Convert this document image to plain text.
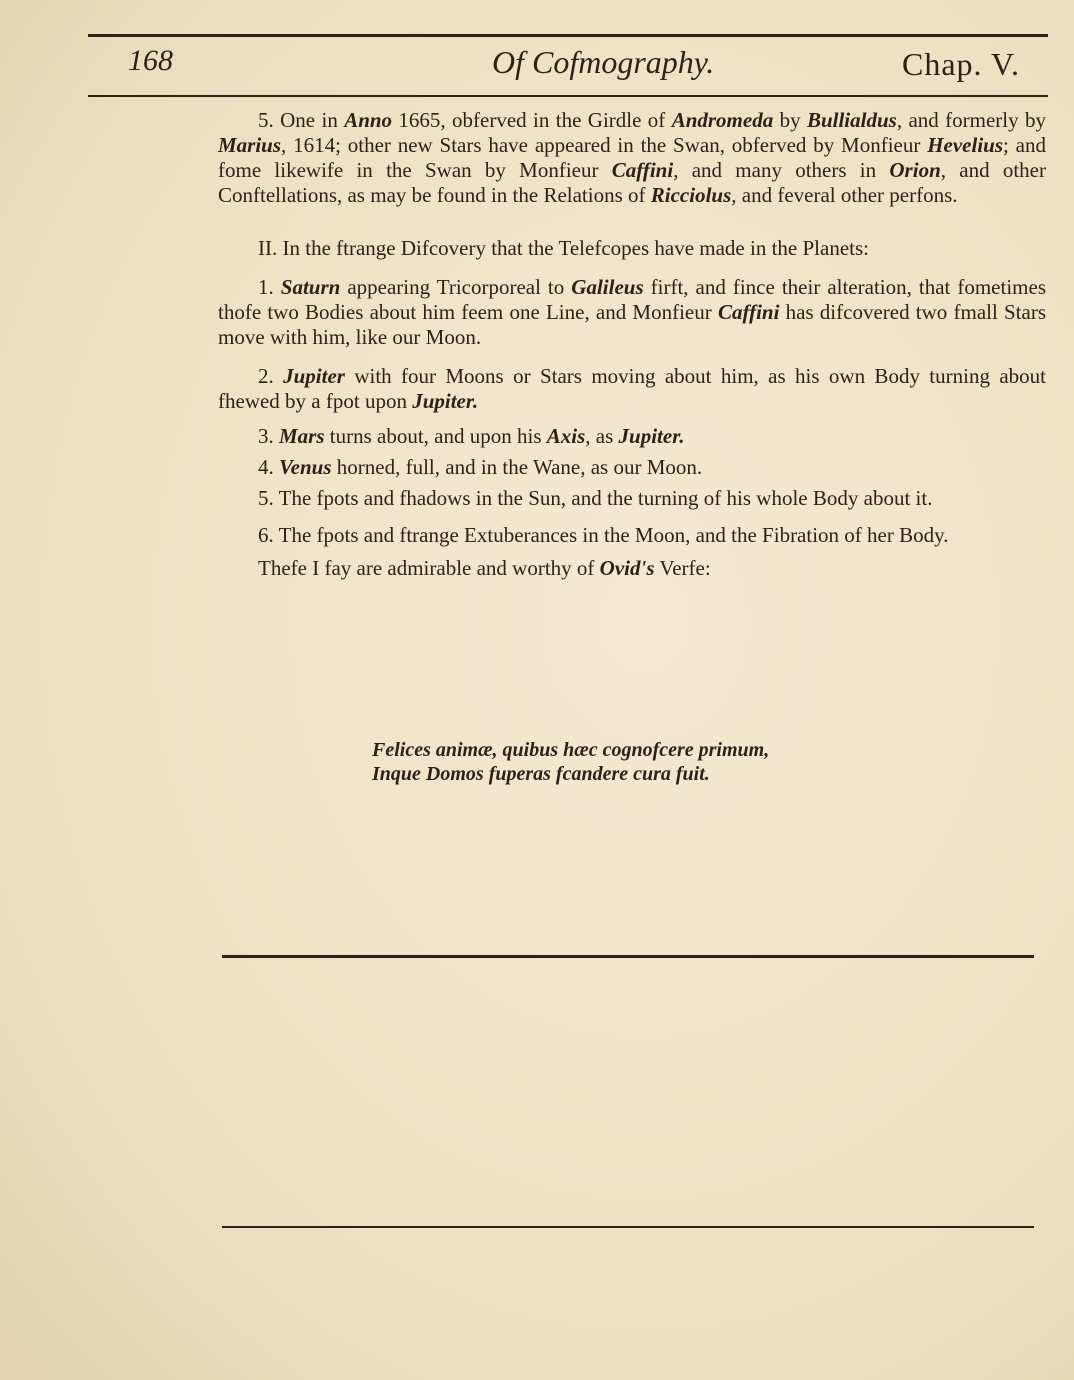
168	Of Cofmography.	Chap. V.

5. One in Anno 1665, obferved in the Girdle of Andromeda by Bullialdus, and formerly by Marius, 1614; other new Stars have appeared in the Swan, obferved by Monfieur Hevelius; and fome likewife in the Swan by Monfieur Caffini, and many others in Orion, and other Conftellations, as may be found in the Relations of Ricciolus, and feveral other perfons.

II. In the ftrange Difcovery that the Telefcopes have made in the Planets:

1. Saturn appearing Tricorporeal to Galileus firft, and fince their alteration, that fometimes thofe two Bodies about him feem one Line, and Monfieur Caffini has difcovered two fmall Stars move with him, like our Moon.

2. Jupiter with four Moons or Stars moving about him, as his own Body turning about fhewed by a fpot upon Jupiter.

3. Mars turns about, and upon his Axis, as Jupiter.

4. Venus horned, full, and in the Wane, as our Moon.

5. The fpots and fhadows in the Sun, and the turning of his whole Body about it.

6. The fpots and ftrange Extuberances in the Moon, and the Fibration of her Body.

Thefe I fay are admirable and worthy of Ovid's Verfe:

Felices animæ, quibus hæc cognofcere primum,
Inque Domos fuperas fcandere cura fuit.
